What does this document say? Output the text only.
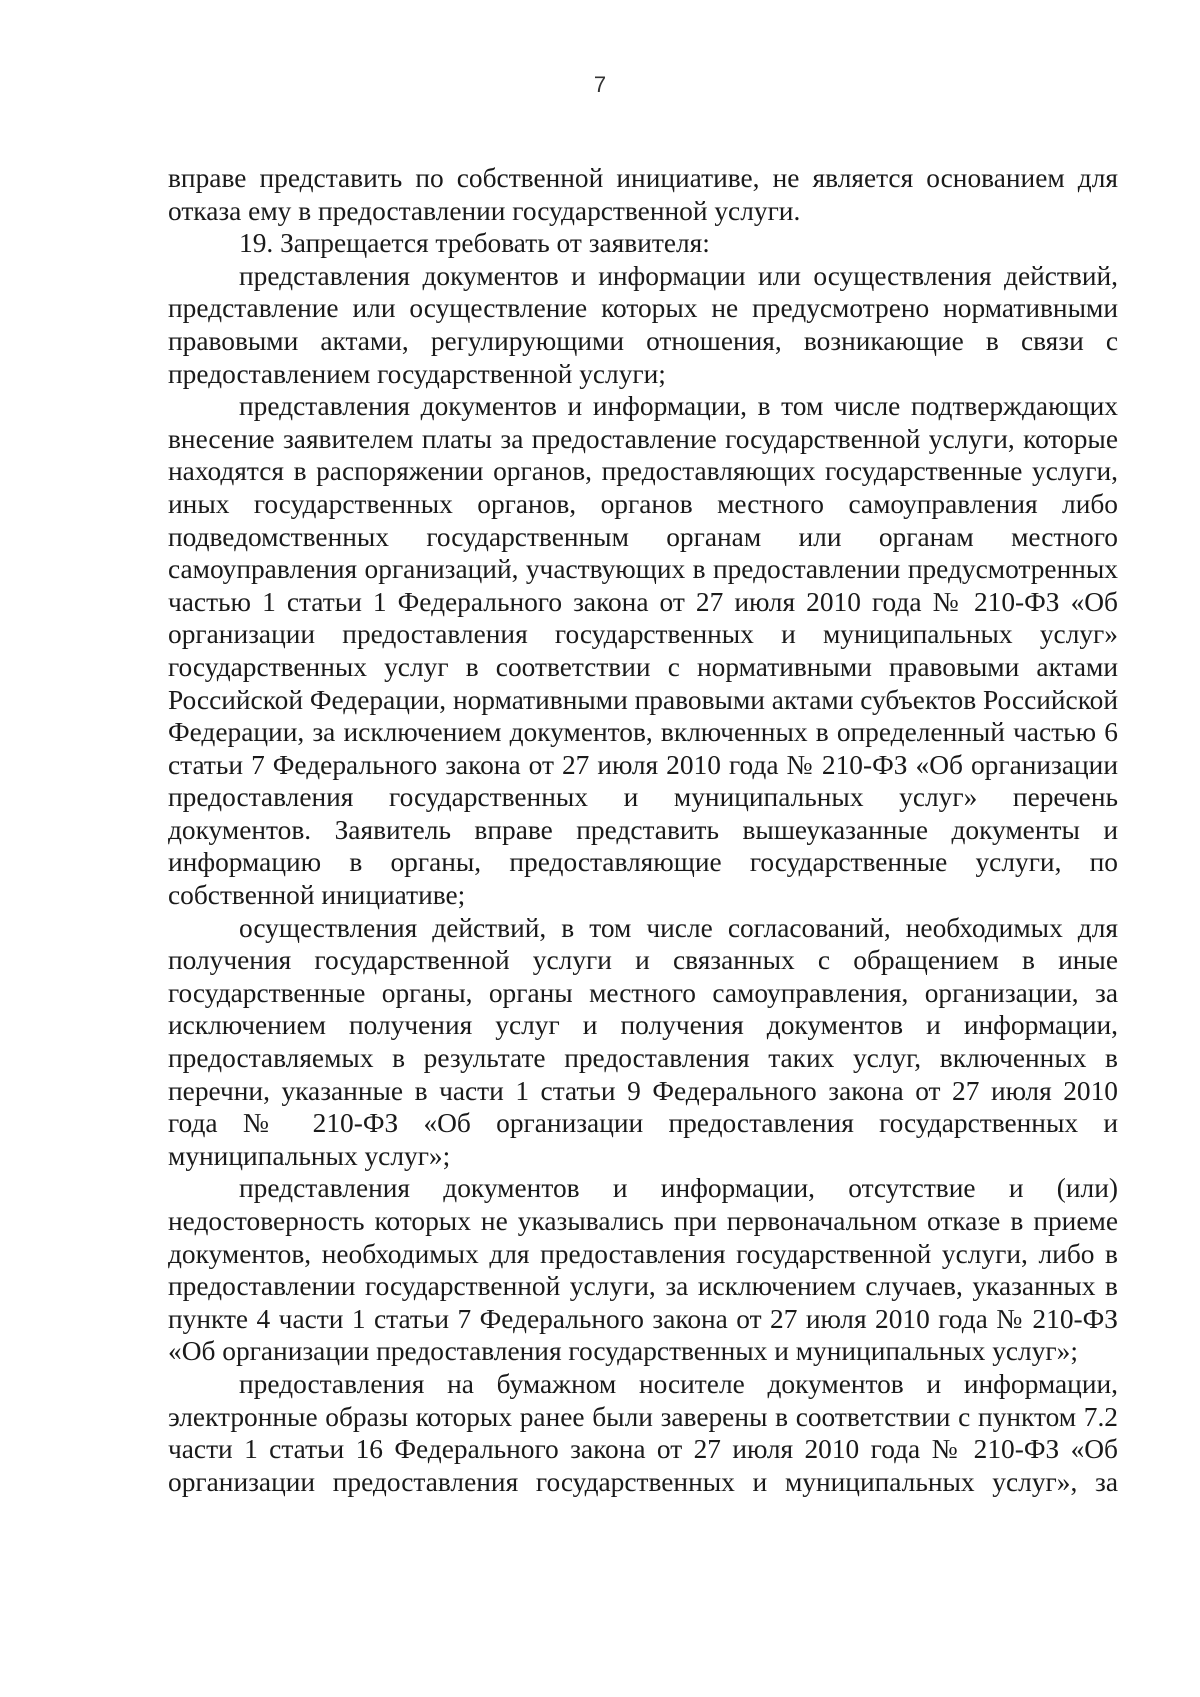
7

вправе представить по собственной инициативе, не является основанием для отказа ему в предоставлении государственной услуги.

19. Запрещается требовать от заявителя:

представления документов и информации или осуществления действий, представление или осуществление которых не предусмотрено нормативными правовыми актами, регулирующими отношения, возникающие в связи с предоставлением государственной услуги;

представления документов и информации, в том числе подтверждающих внесение заявителем платы за предоставление государственной услуги, которые находятся в распоряжении органов, предоставляющих государственные услуги, иных государственных органов, органов местного самоуправления либо подведомственных государственным органам или органам местного самоуправления организаций, участвующих в предоставлении предусмотренных частью 1 статьи 1 Федерального закона от 27 июля 2010 года № 210-ФЗ «Об организации предоставления государственных и муниципальных услуг» государственных услуг в соответствии с нормативными правовыми актами Российской Федерации, нормативными правовыми актами субъектов Российской Федерации, за исключением документов, включенных в определенный частью 6 статьи 7 Федерального закона от 27 июля 2010 года № 210-ФЗ «Об организации предоставления государственных и муниципальных услуг» перечень документов. Заявитель вправе представить вышеуказанные документы и информацию в органы, предоставляющие государственные услуги, по собственной инициативе;

осуществления действий, в том числе согласований, необходимых для получения государственной услуги и связанных с обращением в иные государственные органы, органы местного самоуправления, организации, за исключением получения услуг и получения документов и информации, предоставляемых в результате предоставления таких услуг, включенных в перечни, указанные в части 1 статьи 9 Федерального закона от 27 июля 2010 года № 210-ФЗ «Об организации предоставления государственных и муниципальных услуг»;

представления документов и информации, отсутствие и (или) недостоверность которых не указывались при первоначальном отказе в приеме документов, необходимых для предоставления государственной услуги, либо в предоставлении государственной услуги, за исключением случаев, указанных в пункте 4 части 1 статьи 7 Федерального закона от 27 июля 2010 года № 210-ФЗ «Об организации предоставления государственных и муниципальных услуг»;

предоставления на бумажном носителе документов и информации, электронные образы которых ранее были заверены в соответствии с пунктом 7.2 части 1 статьи 16 Федерального закона от 27 июля 2010 года № 210-ФЗ «Об организации предоставления государственных и муниципальных услуг», за
